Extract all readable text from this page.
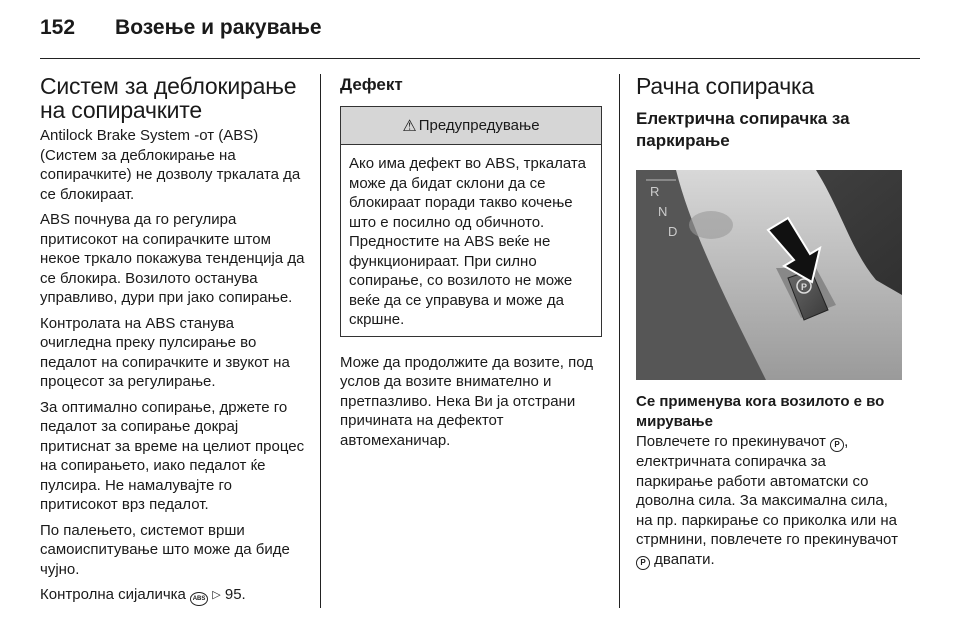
152 Возење и ракување
Систем за деблокирање
на сопирачките

Antilock Brake System -от (ABS) (Систем за деблокирање на сопирачките) не дозволу тркалата да се блокираат.

ABS почнува да го регулира притисокот на сопирачките штом некое тркало покажува тенденција да се блокира. Возилото останува управливо, дури при јако сопирање.

Контролата на ABS станува очигледна преку пулсирање во педалот на сопирачките и звукот на процесот за регулирање.

За оптимално сопирање, држете го педалот за сопирање докрај притиснат за време на целиот процес на сопирањето, иако педалот ќе пулсира. Не намалувајте го притисокот врз педалот.

По палењето, системот врши самоиспитување што може да биде чујно.

Контролна сијаличка ABS ▷ 95.

Дефект
⚠ Предупредување

Ако има дефект во ABS, тркалата може да бидат склони да се блокираат поради такво кочење што е посилно од обичното. Предностите на ABS веќе не функционираат. При силно сопирање, со возилото не може веќе да се управува и може да скршне.

Може да продолжите да возите, под услов да возите внимателно и претпазливо. Нека Ви ја отстрани причината на дефектот автомеханичар.

Рачна сопирачка
Електрична сопирачка за паркирање
R
N
D
P
Се применува кога возилото е во мирување

Повлечете го прекинувачот P , електричната сопирачка за паркирање работи автоматски со доволна сила. За максимална сила, на пр. паркирање со приколка или на стрмнини, повлечете го прекинувачот P двапати.
